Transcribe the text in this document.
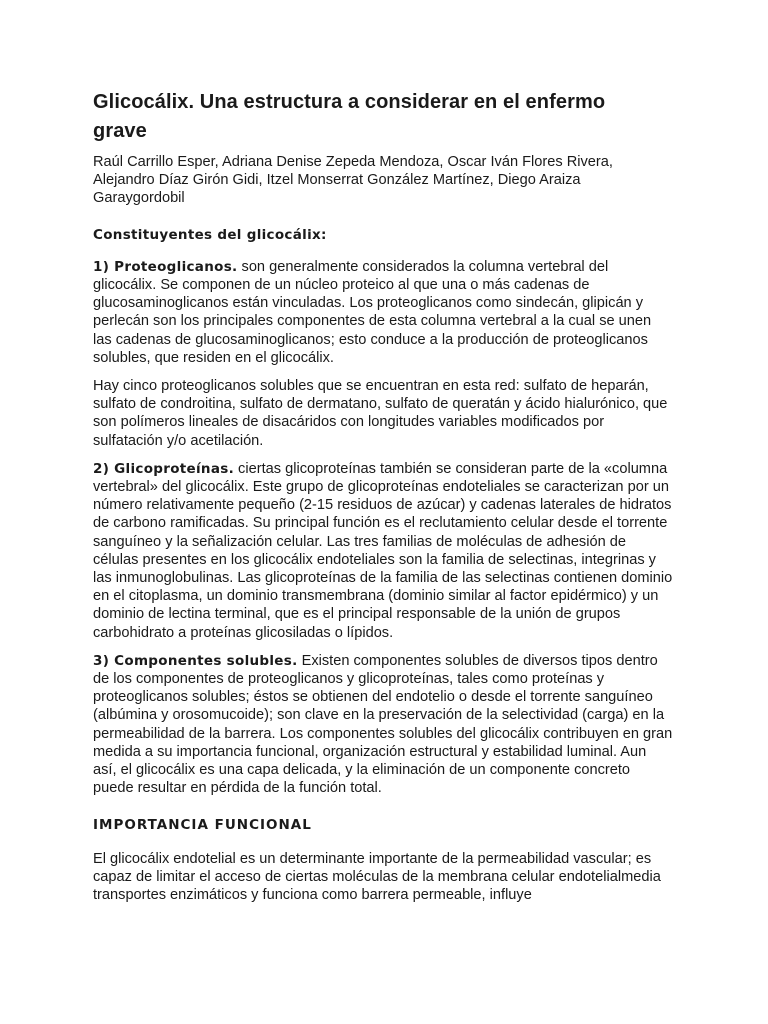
Glicocálix. Una estructura a considerar en el enfermo grave

Raúl Carrillo Esper, Adriana Denise Zepeda Mendoza, Oscar Iván Flores Rivera, Alejandro Díaz Girón Gidi, Itzel Monserrat González Martínez, Diego Araiza Garaygordobil

Constituyentes del glicocálix:

1) Proteoglicanos. son generalmente considerados la columna vertebral del glicocálix. Se componen de un núcleo proteico al que una o más cadenas de glucosaminoglicanos están vinculadas. Los proteoglicanos como sindecán, glipicán y perlecán son los principales componentes de esta columna vertebral a la cual se unen las cadenas de glucosaminoglicanos; esto conduce a la producción de proteoglicanos solubles, que residen en el glicocálix.

Hay cinco proteoglicanos solubles que se encuentran en esta red: sulfato de heparán, sulfato de condroitina, sulfato de dermatano, sulfato de queratán y ácido hialurónico, que son polímeros lineales de disacáridos con longitudes variables modificados por sulfatación y/o acetilación.

2) Glicoproteínas. ciertas glicoproteínas también se consideran parte de la «columna vertebral» del glicocálix. Este grupo de glicoproteínas endoteliales se caracterizan por un número relativamente pequeño (2-15 residuos de azúcar) y cadenas laterales de hidratos de carbono ramificadas. Su principal función es el reclutamiento celular desde el torrente sanguíneo y la señalización celular. Las tres familias de moléculas de adhesión de células presentes en los glicocálix endoteliales son la familia de selectinas, integrinas y las inmunoglobulinas. Las glicoproteínas de la familia de las selectinas contienen dominio en el citoplasma, un dominio transmembrana (dominio similar al factor epidérmico) y un dominio de lectina terminal, que es el principal responsable de la unión de grupos carbohidrato a proteínas glicosiladas o lípidos.

3) Componentes solubles. Existen componentes solubles de diversos tipos dentro de los componentes de proteoglicanos y glicoproteínas, tales como proteínas y proteoglicanos solubles; éstos se obtienen del endotelio o desde el torrente sanguíneo (albúmina y orosomucoide); son clave en la preservación de la selectividad (carga) en la permeabilidad de la barrera. Los componentes solubles del glicocálix contribuyen en gran medida a su importancia funcional, organización estructural y estabilidad luminal. Aun así, el glicocálix es una capa delicada, y la eliminación de un componente concreto puede resultar en pérdida de la función total.

IMPORTANCIA FUNCIONAL

El glicocálix endotelial es un determinante importante de la permeabilidad vascular; es capaz de limitar el acceso de ciertas moléculas de la membrana celular endotelialmedia transportes enzimáticos y funciona como barrera permeable, influye
